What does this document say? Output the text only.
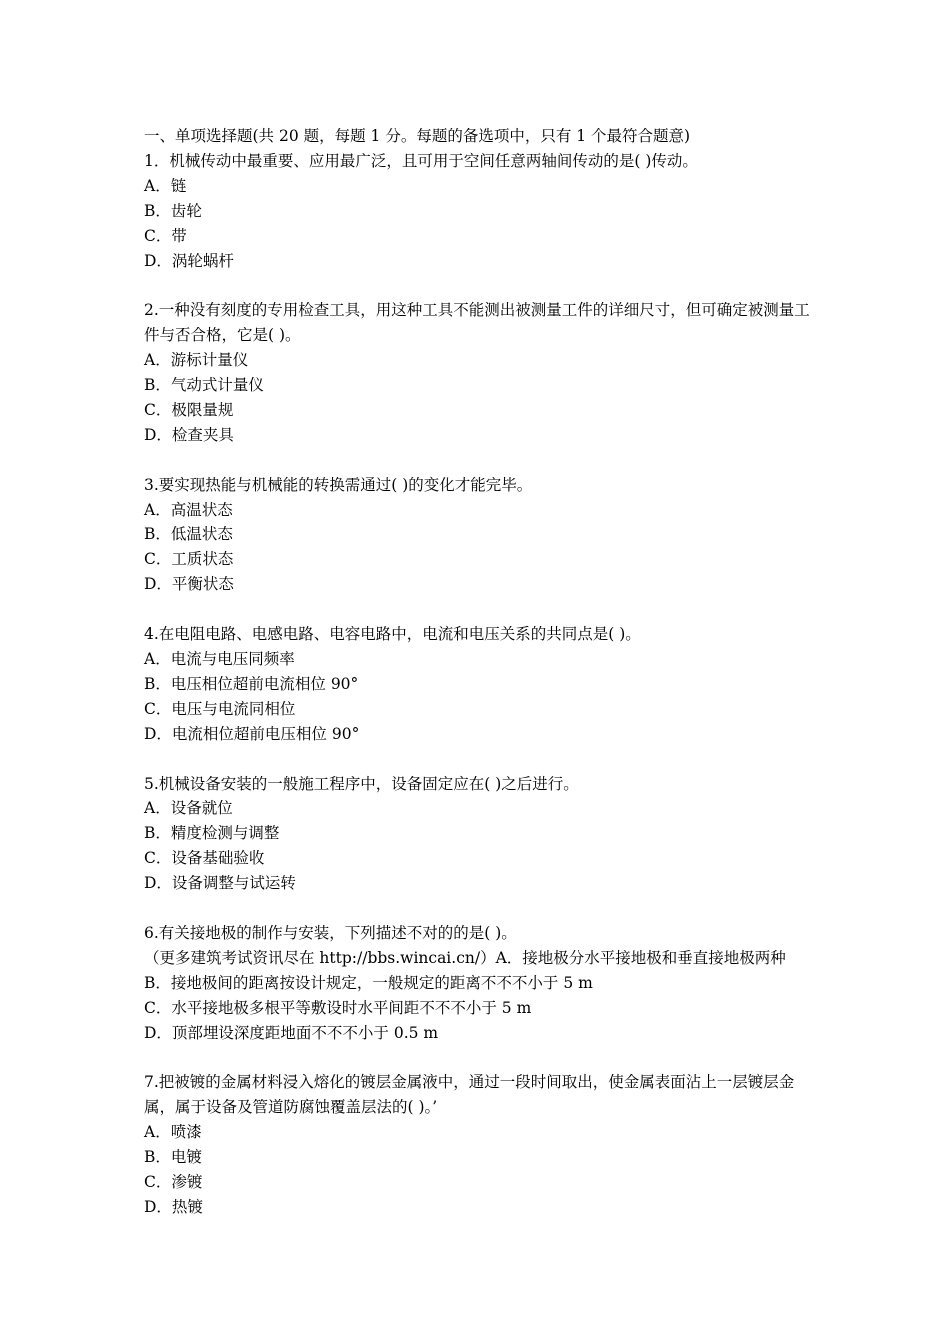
一、单项选择题(共 20 题，每题 1 分。每题的备选项中，只有 1 个最符合题意)
1．机械传动中最重要、应用最广泛，且可用于空间任意两轴间传动的是( )传动。
A．链
B．齿轮
C．带
D．涡轮蜗杆
2.一种没有刻度的专用检查工具，用这种工具不能测出被测量工件的详细尺寸，但可确定被测量工件与否合格，它是( )。
A．游标计量仪
B．气动式计量仪
C．极限量规
D．检查夹具
3.要实现热能与机械能的转换需通过( )的变化才能完毕。
A．高温状态
B．低温状态
C．工质状态
D．平衡状态
4.在电阻电路、电感电路、电容电路中，电流和电压关系的共同点是( )。
A．电流与电压同频率
B．电压相位超前电流相位 90°
C．电压与电流同相位
D．电流相位超前电压相位 90°
5.机械设备安装的一般施工程序中，设备固定应在( )之后进行。
A．设备就位
B．精度检测与调整
C．设备基础验收
D．设备调整与试运转
6.有关接地极的制作与安装，下列描述不对的的是( )。
（更多建筑考试资讯尽在 http://bbs.wincai.cn/）A．接地极分水平接地极和垂直接地极两种
B．接地极间的距离按设计规定，一般规定的距离不不不小于 5 m
C．水平接地极多根平等敷设时水平间距不不不小于 5 m
D．顶部埋设深度距地面不不不小于 0.5 m
7.把被镀的金属材料浸入熔化的镀层金属液中，通过一段时间取出，使金属表面沾上一层镀层金属，属于设备及管道防腐蚀覆盖层法的( )。’
A．喷漆
B．电镀
C．渗镀
D．热镀
